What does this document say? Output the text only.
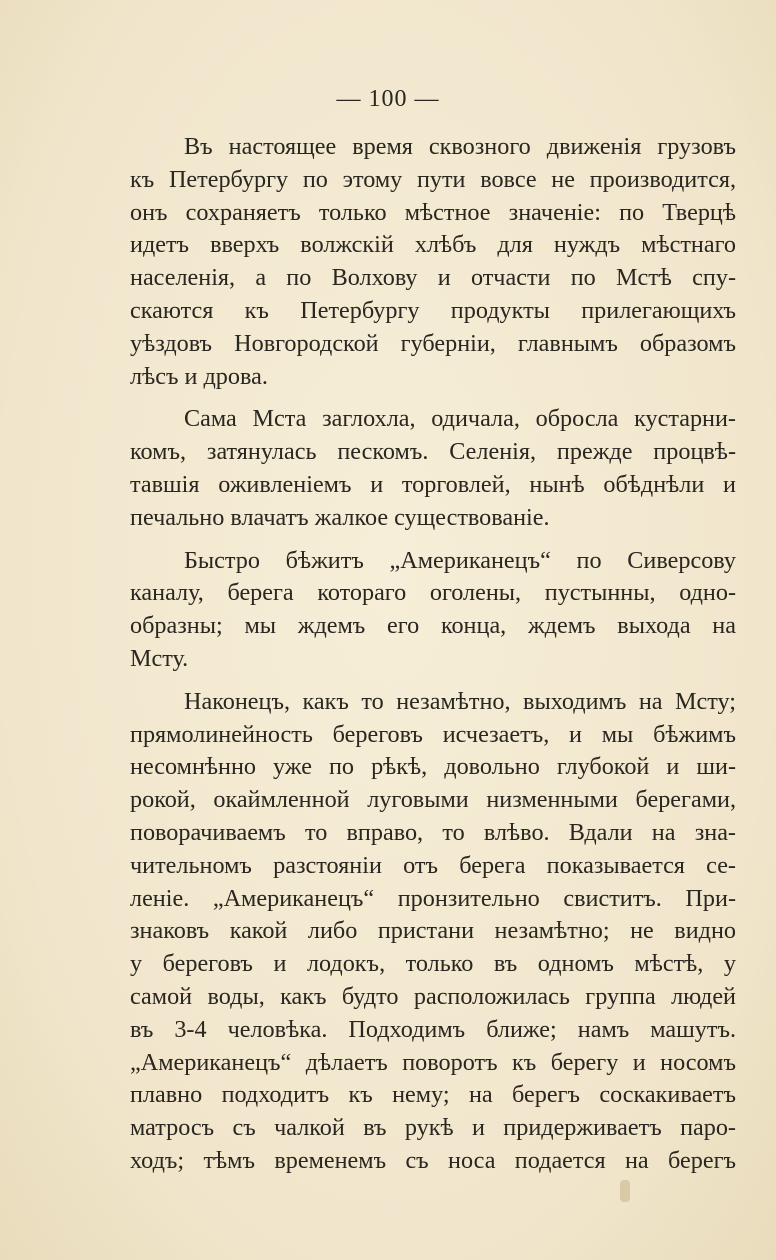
— 100 —
Въ настоящее время сквозного движенія грузовъ
къ Петербургу по этому пути вовсе не производится,
онъ сохраняетъ только мѣстное значеніе: по Тверцѣ
идетъ вверхъ волжскій хлѣбъ для нуждъ мѣстнаго
населенія, а по Волхову и отчасти по Мстѣ спу-
скаются къ Петербургу продукты прилегающихъ
уѣздовъ Новгородской губерніи, главнымъ образомъ
лѣсъ и дрова.
Сама Мста заглохла, одичала, обросла кустарни-
комъ, затянулась пескомъ. Селенія, прежде процвѣ-
тавшія оживленіемъ и торговлей, нынѣ обѣднѣли и
печально влачатъ жалкое существованіе.
Быстро бѣжитъ „Американецъ“ по Сиверсову
каналу, берега котораго оголены, пустынны, одно-
образны; мы ждемъ его конца, ждемъ выхода на
Мсту.
Наконецъ, какъ то незамѣтно, выходимъ на Мсту;
прямолинейность береговъ исчезаетъ, и мы бѣжимъ
несомнѣнно уже по рѣкѣ, довольно глубокой и ши-
рокой, окаймленной луговыми низменными берегами,
поворачиваемъ то вправо, то влѣво. Вдали на зна-
чительномъ разстояніи отъ берега показывается се-
леніе. „Американецъ“ пронзительно свиститъ. При-
знаковъ какой либо пристани незамѣтно; не видно
у береговъ и лодокъ, только въ одномъ мѣстѣ, у
самой воды, какъ будто расположилась группа людей
въ 3-4 человѣка. Подходимъ ближе; намъ машутъ.
„Американецъ“ дѣлаетъ поворотъ къ берегу и носомъ
плавно подходитъ къ нему; на берегъ соскакиваетъ
матросъ съ чалкой въ рукѣ и придерживаетъ паро-
ходъ; тѣмъ временемъ съ носа подается на берегъ
